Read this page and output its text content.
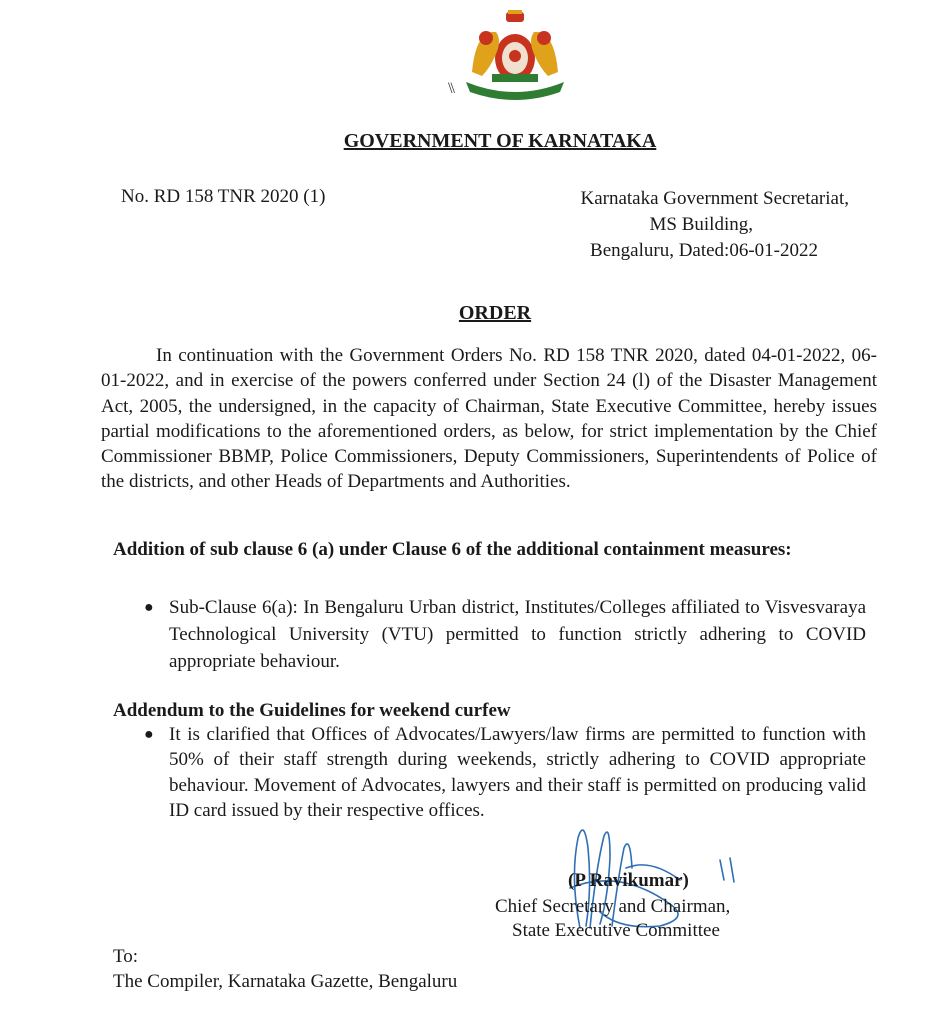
\\
GOVERNMENT OF KARNATAKA
No. RD 158 TNR 2020 (1)	Karnataka Government Secretariat,
MS Building,
Bengaluru, Dated:06-01-2022
ORDER

In continuation with the Government Orders No. RD 158 TNR 2020, dated 04-01-2022, 06-01-2022, and in exercise of the powers conferred under Section 24 (l) of the Disaster Management Act, 2005, the undersigned, in the capacity of Chairman, State Executive Committee, hereby issues partial modifications to the aforementioned orders, as below, for strict implementation by the Chief Commissioner BBMP, Police Commissioners, Deputy Commissioners, Superintendents of Police of the districts, and other Heads of Departments and Authorities.

Addition of sub clause 6 (a) under Clause 6 of the additional containment measures:
● Sub-Clause 6(a): In Bengaluru Urban district, Institutes/Colleges affiliated to Visvesvaraya Technological University (VTU) permitted to function strictly adhering to COVID appropriate behaviour.
Addendum to the Guidelines for weekend curfew
● It is clarified that Offices of Advocates/Lawyers/law firms are permitted to function with 50% of their staff strength during weekends, strictly adhering to COVID appropriate behaviour. Movement of Advocates, lawyers and their staff is permitted on producing valid ID card issued by their respective offices.
(P Ravikumar)
Chief Secretary and Chairman,
State Executive Committee
To:
The Compiler, Karnataka Gazette, Bengaluru
